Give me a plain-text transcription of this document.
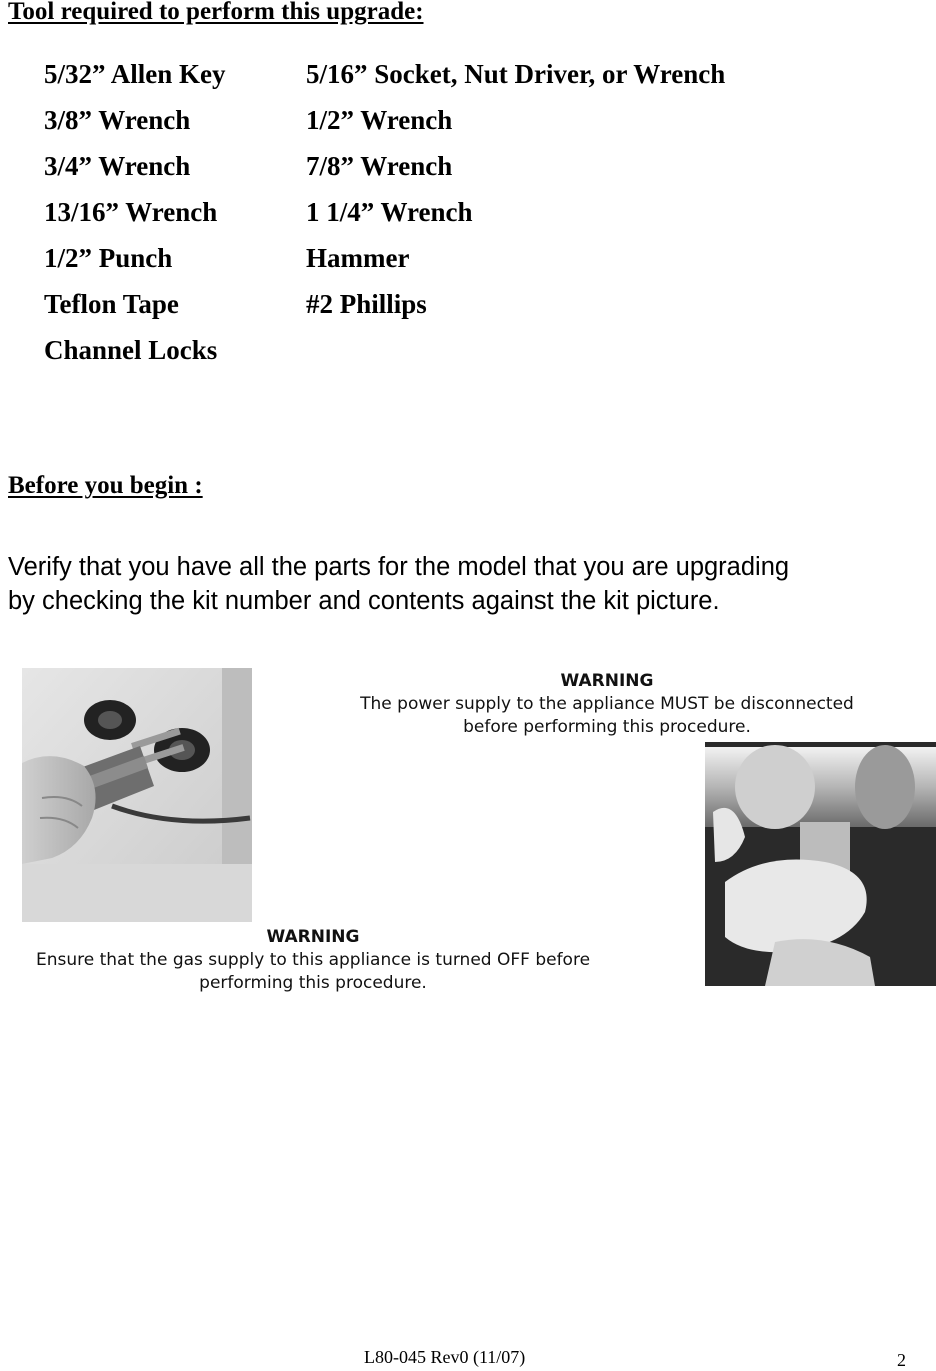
Tool required to perform this upgrade:
5/32” Allen Key
3/8” Wrench
3/4” Wrench
13/16” Wrench
1/2” Punch
Teflon Tape
Channel Locks
5/16” Socket, Nut Driver, or Wrench
1/2” Wrench
7/8” Wrench
1 1/4” Wrench
Hammer
#2 Phillips
Before you begin :
Verify that you have all the parts for the model that you are upgrading
by checking the kit number and contents against the kit picture.
WARNING
The power supply to the appliance MUST be disconnected
before performing this procedure.
WARNING
Ensure that the gas supply to this appliance is turned OFF before
performing this procedure.
L80-045 Rev0 (11/07)	2
